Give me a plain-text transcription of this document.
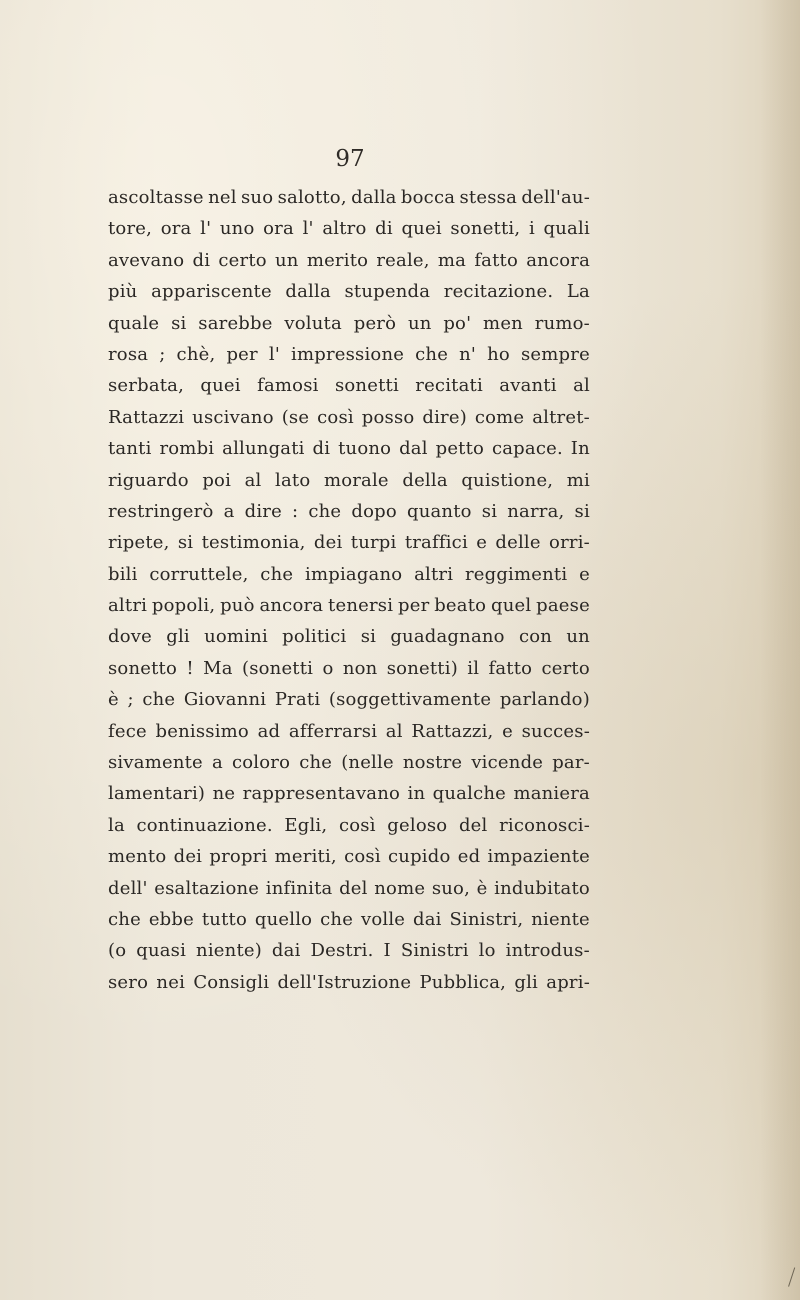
97
ascoltasse nel suo salotto, dalla bocca stessa dell'au-
tore, ora l' uno ora l' altro di quei sonetti, i quali
avevano di certo un merito reale, ma fatto ancora
più appariscente dalla stupenda recitazione. La
quale si sarebbe voluta però un po' men rumo-
rosa ; chè, per l' impressione che n' ho sempre
serbata, quei famosi sonetti recitati avanti al
Rattazzi uscivano (se così posso dire) come altret-
tanti rombi allungati di tuono dal petto capace. In
riguardo poi al lato morale della quistione, mi
restringerò a dire : che dopo quanto si narra, si
ripete, si testimonia, dei turpi traffici e delle orri-
bili corruttele, che impiagano altri reggimenti e
altri popoli, può ancora tenersi per beato quel paese
dove gli uomini politici si guadagnano con un
sonetto ! Ma (sonetti o non sonetti) il fatto certo
è ; che Giovanni Prati (soggettivamente parlando)
fece benissimo ad afferrarsi al Rattazzi, e succes-
sivamente a coloro che (nelle nostre vicende par-
lamentari) ne rappresentavano in qualche maniera
la continuazione. Egli, così geloso del riconosci-
mento dei propri meriti, così cupido ed impaziente
dell' esaltazione infinita del nome suo, è indubitato
che ebbe tutto quello che volle dai Sinistri, niente
(o quasi niente) dai Destri. I Sinistri lo introdus-
sero nei Consigli dell'Istruzione Pubblica, gli apri-
